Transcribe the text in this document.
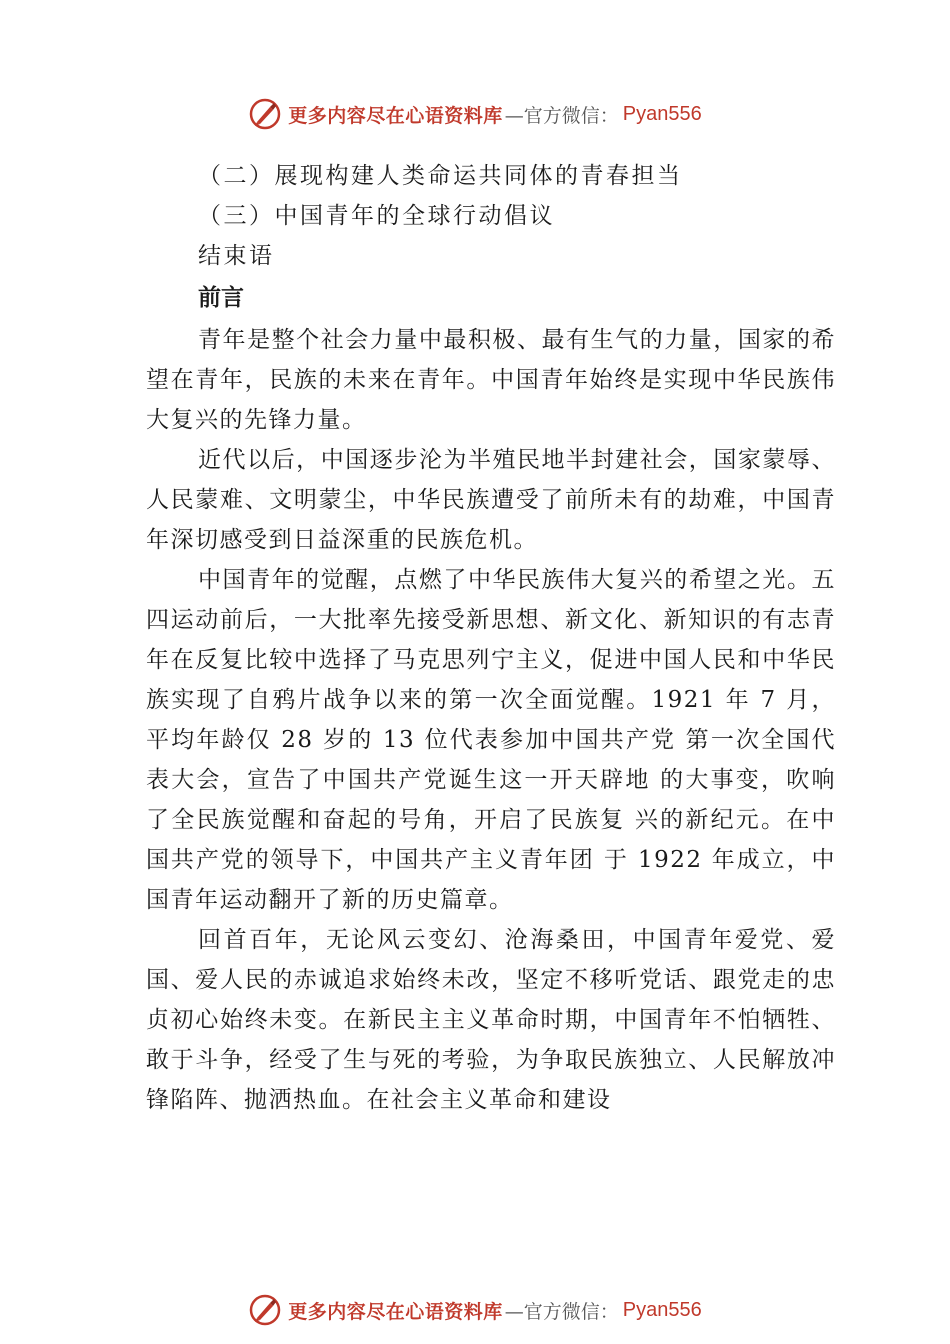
更多内容尽在心语资料库 —官方微信： Pyan556
（二）展现构建人类命运共同体的青春担当
（三）中国青年的全球行动倡议
结束语
前言

青年是整个社会力量中最积极、最有生气的力量，国家的希望在青年，民族的未来在青年。中国青年始终是实现中华民族伟大复兴的先锋力量。

近代以后，中国逐步沦为半殖民地半封建社会，国家蒙辱、人民蒙难、文明蒙尘，中华民族遭受了前所未有的劫难，中国青年深切感受到日益深重的民族危机。

中国青年的觉醒，点燃了中华民族伟大复兴的希望之光。五四运动前后，一大批率先接受新思想、新文化、新知识的有志青年在反复比较中选择了马克思列宁主义，促进中国人民和中华民族实现了自鸦片战争以来的第一次全面觉醒。1921 年 7 月，平均年龄仅 28 岁的 13 位代表参加中国共产党 第一次全国代表大会，宣告了中国共产党诞生这一开天辟地 的大事变，吹响了全民族觉醒和奋起的号角，开启了民族复 兴的新纪元。在中国共产党的领导下，中国共产主义青年团 于 1922 年成立，中国青年运动翻开了新的历史篇章。

回首百年，无论风云变幻、沧海桑田，中国青年爱党、爱国、爱人民的赤诚追求始终未改，坚定不移听党话、跟党走的忠贞初心始终未变。在新民主主义革命时期，中国青年不怕牺牲、敢于斗争，经受了生与死的考验，为争取民族独立、人民解放冲锋陷阵、抛洒热血。在社会主义革命和建设

更多内容尽在心语资料库 —官方微信： Pyan556
